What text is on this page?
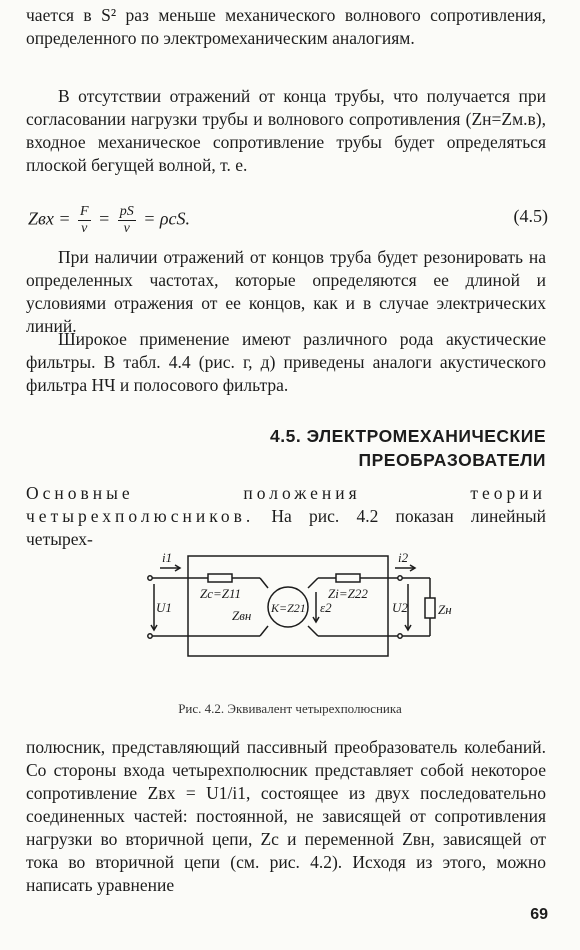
чается в S² раз меньше механического волнового сопротивления, определенного по электромеханическим аналогиям.

В отсутствии отражений от конца трубы, что получается при согласовании нагрузки трубы и волнового сопротивления (Zн=Zм.в), входное механическое сопротивление трубы будет определяться плоской бегущей волной, т. е.

Zвх = $\frac{F}{v} = \frac{pS}{v} = \rho cS$.	(4.5)

При наличии отражений от концов труба будет резонировать на определенных частотах, которые определяются ее длиной и условиями отражения от ее концов, как и в случае электрических линий.

Широкое применение имеют различного рода акустические фильтры. В табл. 4.4 (рис. г, д) приведены аналоги акустического фильтра НЧ и полосового фильтра.

4.5. ЭЛЕКТРОМЕХАНИЧЕСКИЕ
ПРЕОБРАЗОВАТЕЛИ

Основные положения теории четырехполюсников. На рис. 4.2 показан линейный четырех-

i1	i2
U1	U2
Zc=Z11
Zвн K=Z21 ε2
Zi=Z22
Zн
Рис. 4.2. Эквивалент четырехполюсника

полюсник, представляющий пассивный преобразователь колебаний. Со стороны входа четырехполюсник представляет собой некоторое сопротивление Zвх = U1/i1, состоящее из двух последовательно соединенных частей: постоянной, не зависящей от сопротивления нагрузки во вторичной цепи, Zc и переменной Zвн, зависящей от тока во вторичной цепи (см. рис. 4.2). Исходя из этого, можно написать уравнение

69
